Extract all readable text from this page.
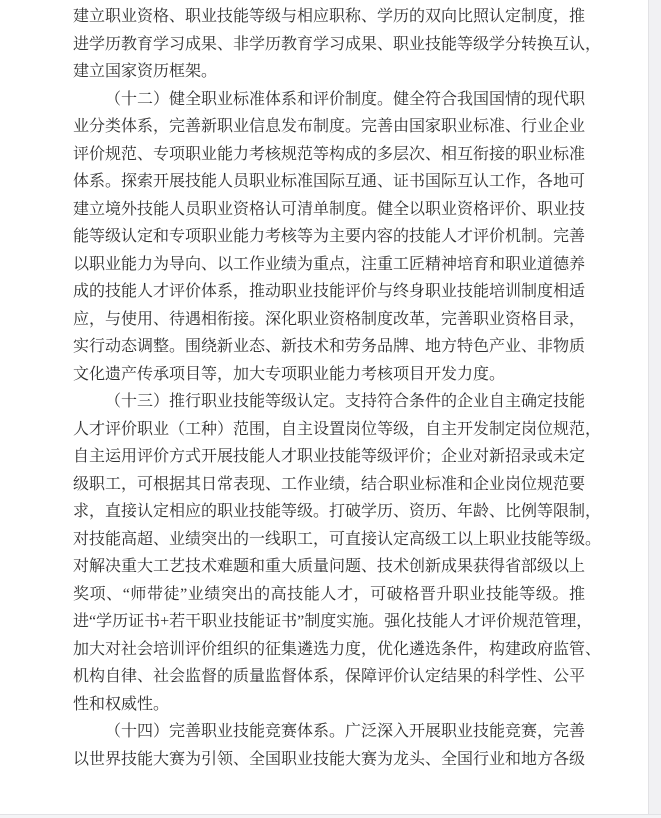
建立职业资格、职业技能等级与相应职称、学历的双向比照认定制度，推
进学历教育学习成果、非学历教育学习成果、职业技能等级学分转换互认，
建立国家资历框架。
（十二）健全职业标准体系和评价制度。健全符合我国国情的现代职
业分类体系，完善新职业信息发布制度。完善由国家职业标准、行业企业
评价规范、专项职业能力考核规范等构成的多层次、相互衔接的职业标准
体系。探索开展技能人员职业标准国际互通、证书国际互认工作，各地可
建立境外技能人员职业资格认可清单制度。健全以职业资格评价、职业技
能等级认定和专项职业能力考核等为主要内容的技能人才评价机制。完善
以职业能力为导向、以工作业绩为重点，注重工匠精神培育和职业道德养
成的技能人才评价体系，推动职业技能评价与终身职业技能培训制度相适
应，与使用、待遇相衔接。深化职业资格制度改革，完善职业资格目录，
实行动态调整。围绕新业态、新技术和劳务品牌、地方特色产业、非物质
文化遗产传承项目等，加大专项职业能力考核项目开发力度。
（十三）推行职业技能等级认定。支持符合条件的企业自主确定技能
人才评价职业（工种）范围，自主设置岗位等级，自主开发制定岗位规范，
自主运用评价方式开展技能人才职业技能等级评价；企业对新招录或未定
级职工，可根据其日常表现、工作业绩，结合职业标准和企业岗位规范要
求，直接认定相应的职业技能等级。打破学历、资历、年龄、比例等限制，
对技能高超、业绩突出的一线职工，可直接认定高级工以上职业技能等级。
对解决重大工艺技术难题和重大质量问题、技术创新成果获得省部级以上
奖项、“师带徒”业绩突出的高技能人才，可破格晋升职业技能等级。推
进“学历证书+若干职业技能证书”制度实施。强化技能人才评价规范管理，
加大对社会培训评价组织的征集遴选力度，优化遴选条件，构建政府监管、
机构自律、社会监督的质量监督体系，保障评价认定结果的科学性、公平
性和权威性。
（十四）完善职业技能竞赛体系。广泛深入开展职业技能竞赛，完善
以世界技能大赛为引领、全国职业技能大赛为龙头、全国行业和地方各级
